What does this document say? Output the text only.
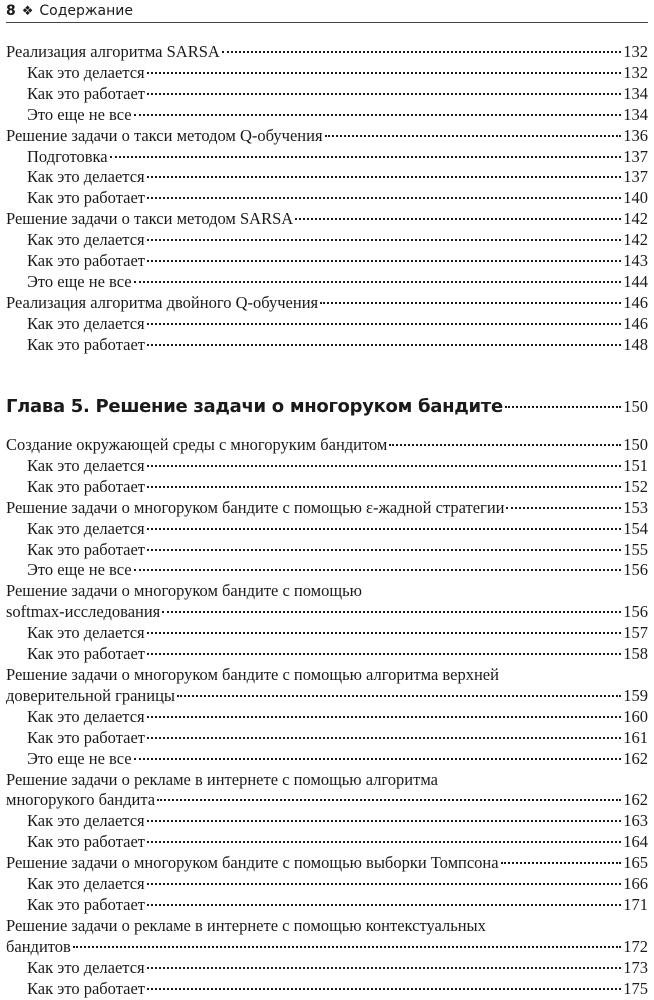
8 ❖ Содержание
Реализация алгоритма SARSA	132
Как это делается	132
Как это работает	134
Это еще не все	134
Решение задачи о такси методом Q-обучения	136
Подготовка	137
Как это делается	137
Как это работает	140
Решение задачи о такси методом SARSA	142
Как это делается	142
Как это работает	143
Это еще не все	144
Реализация алгоритма двойного Q-обучения	146
Как это делается	146
Как это работает	148
Глава 5. Решение задачи о многоруком бандите	150
Создание окружающей среды с многоруким бандитом	150
Как это делается	151
Как это работает	152
Решение задачи о многоруком бандите с помощью ε-жадной стратегии	153
Как это делается	154
Как это работает	155
Это еще не все	156
Решение задачи о многоруком бандите с помощью
softmax-исследования	156
Как это делается	157
Как это работает	158
Решение задачи о многоруком бандите с помощью алгоритма верхней
доверительной границы	159
Как это делается	160
Как это работает	161
Это еще не все	162
Решение задачи о рекламе в интернете с помощью алгоритма
многорукого бандита	162
Как это делается	163
Как это работает	164
Решение задачи о многоруком бандите с помощью выборки Томпсона	165
Как это делается	166
Как это работает	171
Решение задачи о рекламе в интернете с помощью контекстуальных
бандитов	172
Как это делается	173
Как это работает	175
